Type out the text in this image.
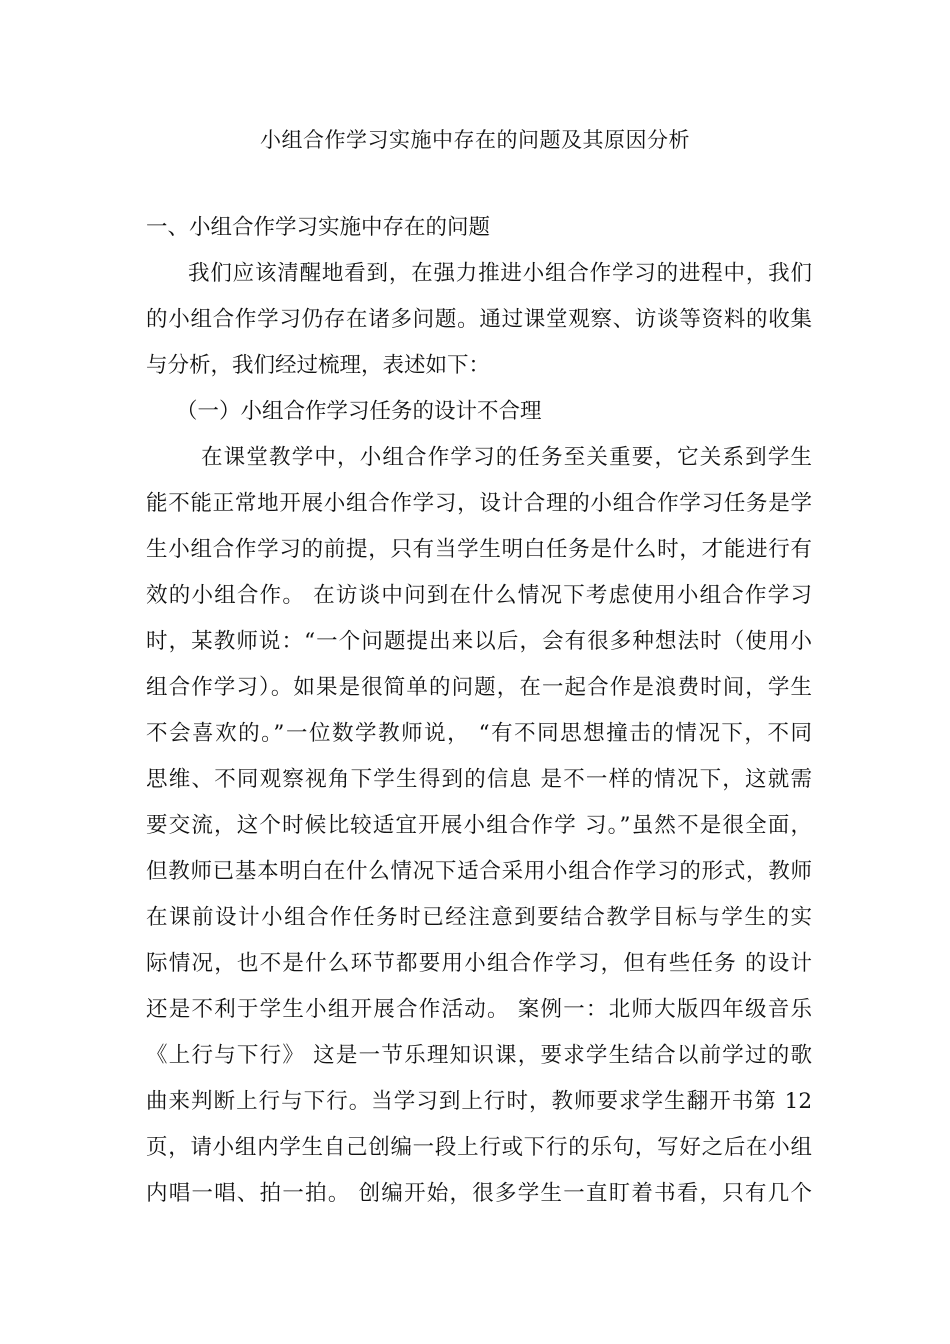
小组合作学习实施中存在的问题及其原因分析
一、小组合作学习实施中存在的问题
我们应该清醒地看到，在强力推进小组合作学习的进程中，我们
的小组合作学习仍存在诸多问题。通过课堂观察、访谈等资料的收集
与分析，我们经过梳理，表述如下：
（一）小组合作学习任务的设计不合理
在课堂教学中，小组合作学习的任务至关重要，它关系到学生
能不能正常地开展小组合作学习，设计合理的小组合作学习任务是学
生小组合作学习的前提，只有当学生明白任务是什么时，才能进行有
效的小组合作。 在访谈中问到在什么情况下考虑使用小组合作学习
时，某教师说：“一个问题提出来以后，会有很多种想法时（使用小
组合作学习）。如果是很简单的问题，在一起合作是浪费时间，学生
不会喜欢的。”一位数学教师说， “有不同思想撞击的情况下，不同
思维、不同观察视角下学生得到的信息 是不一样的情况下，这就需
要交流，这个时候比较适宜开展小组合作学 习。”虽然不是很全面，
但教师已基本明白在什么情况下适合采用小组合作学习的形式，教师
在课前设计小组合作任务时已经注意到要结合教学目标与学生的实
际情况，也不是什么环节都要用小组合作学习，但有些任务 的设计
还是不利于学生小组开展合作活动。 案例一：北师大版四年级音乐
《上行与下行》 这是一节乐理知识课，要求学生结合以前学过的歌
曲来判断上行与下行。当学习到上行时，教师要求学生翻开书第 12
页，请小组内学生自己创编一段上行或下行的乐句，写好之后在小组
内唱一唱、拍一拍。 创编开始，很多学生一直盯着书看，只有几个
